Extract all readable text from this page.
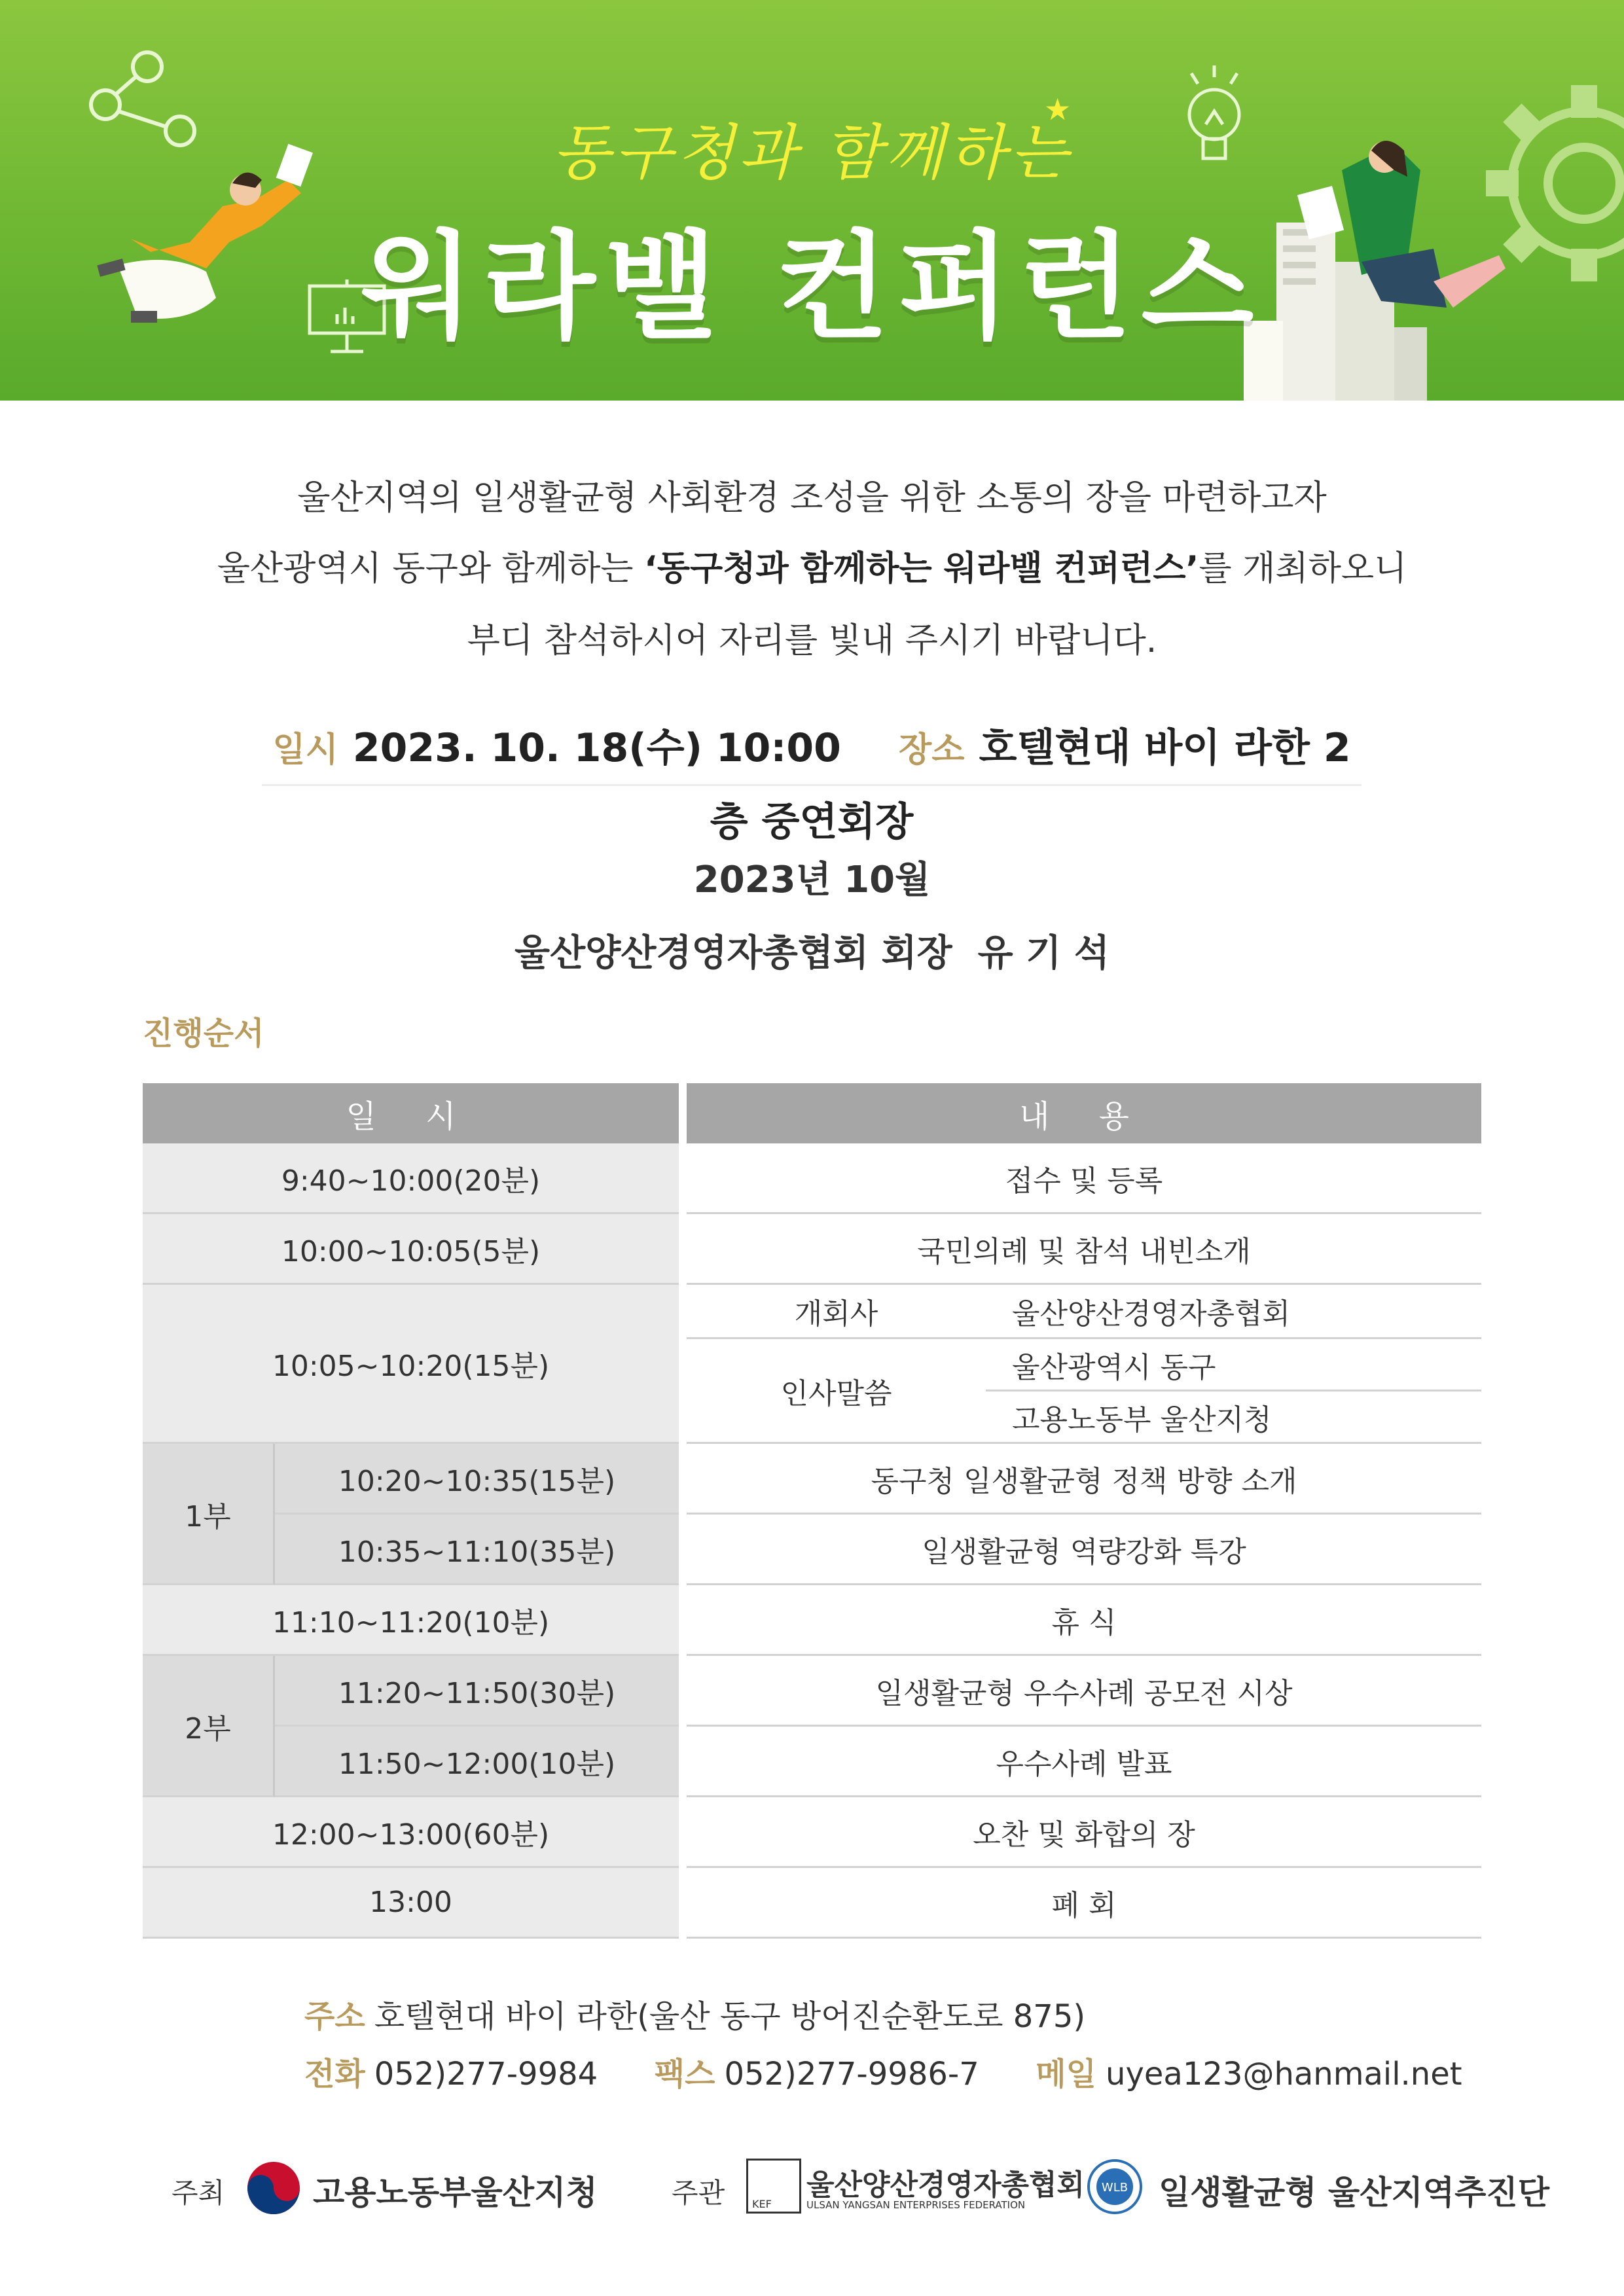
★
동구청과 함께하는
워라밸 컨퍼런스
울산지역의 일생활균형 사회환경 조성을 위한 소통의 장을 마련하고자
울산광역시 동구와 함께하는 ‘동구청과 함께하는 워라밸 컨퍼런스’를 개최하오니
부디 참석하시어 자리를 빛내 주시기 바랍니다.
일시 2023. 10. 18(수) 10:00 장소 호텔현대 바이 라한 2층 중연회장
2023년 10월
울산양산경영자총협회 회장  유 기 석
진행순서
일 시			내 용	
9:40~10:00(20분)			접수 및 등록	
10:00~10:05(5분)			국민의례 및 참석 내빈소개	
10:05~10:20(15분)			개회사	울산양산경영자총협회
			인사말씀	울산광역시 동구
				고용노동부 울산지청
1부	10:20~10:35(15분)		동구청 일생활균형 정책 방향 소개	
	10:35~11:10(35분)		일생활균형 역량강화 특강	
11:10~11:20(10분)			휴 식	
2부	11:20~11:50(30분)		일생활균형 우수사례 공모전 시상	
	11:50~12:00(10분)		우수사례 발표	
12:00~13:00(60분)			오찬 및 화합의 장	
13:00			폐 회	
주소 호텔현대 바이 라한(울산 동구 방어진순환도로 875)
전화 052)277-9984 팩스 052)277-9986-7 메일 uyea123@hanmail.net
주최	고용노동부울산지청	주관	KEF
울산양산경영자총협회
ULSAN YANGSAN ENTERPRISES FEDERATION
WLB 일생활균형 울산지역추진단
